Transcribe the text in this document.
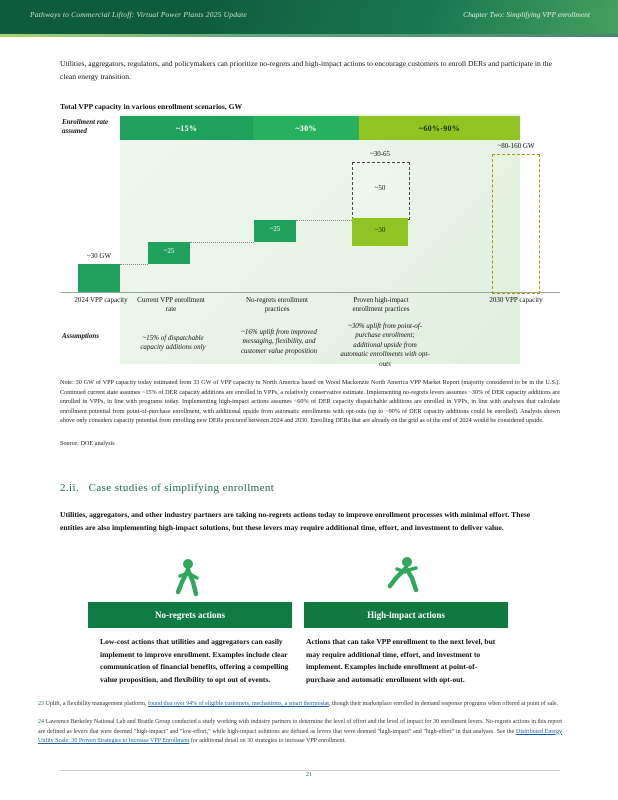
Pathways to Commercial Liftoff: Virtual Power Plants 2025 Update	Chapter Two: Simplifying VPP enrollment
Utilities, aggregators, regulators, and policymakers can prioritize no-regrets and high-impact actions to encourage customers to enroll DERs and participate in the clean energy transition.
Total VPP capacity in various enrollment scenarios, GW
~15%	~30%	~60%-90%
Enrollment rate assumed
Assumptions
~30 GW
~25
~25
~30-65
~50
~30
~80-160 GW
2024 VPP capacity	Current VPP enrollment rate
No-regrets enrollment practices
Proven high-impact enrollment practices
2030 VPP capacity
~15% of dispatchable capacity additions only
~16% uplift from improved messaging, flexibility, and customer value proposition
~30% uplift from point-of-purchase enrollment; additional upside from automatic enrollments with opt-outs
Note: 30 GW of VPP capacity today estimated from 33 GW of VPP capacity in North America based on Wood Mackenzie North America VPP Market Report (majority considered to be in the U.S.). Continued current state assumes ~15% of DER capacity additions are enrolled in VPPs, a relatively conservative estimate. Implementing no-regrets levers assumes ~30% of DER capacity additions are enrolled in VPPs, in line with programs today. Implementing high-impact actions assumes ~60% of DER capacity dispatchable additions are enrolled in VPPs, in line with analyses that calculate enrollment potential from point-of-purchase enrollment, with additional upside from automatic enrollments with opt-outs (up to ~90% of DER capacity additions could be enrolled). Analysis shown above only considers capacity potential from enrolling new DERs procured between 2024 and 2030. Enrolling DERs that are already on the grid as of the end of 2024 would be considered upside.
Source: DOE analysis
2.ii. Case studies of simplifying enrollment
Utilities, aggregators, and other industry partners are taking no-regrets actions today to improve enrollment processes with minimal effort. These entities are also implementing high-impact solutions, but these levers may require additional time, effort, and investment to deliver value.
No-regrets actions
Low-cost actions that utilities and aggregators can easily implement to improve enrollment. Examples include clear communication of financial benefits, offering a compelling value proposition, and flexibility to opt out of events.
High-impact actions
Actions that can take VPP enrollment to the next level, but may require additional time, effort, and investment to implement. Examples include enrollment at point-of-purchase and automatic enrollment with opt-out.
23 Uplift, a flexibility management platform, found that over 94% of eligible customers, mechanisms, a smart thermostat, though their marketplace enrolled in demand response programs when offered at point of sale.
24 Lawrence Berkeley National Lab and Brattle Group conducted a study working with industry partners to determine the level of effort and the level of impact for 30 enrollment levers. No-regrets actions in this report are defined as levers that were deemed "high-impact" and "low-effort," while high-impact solutions are defined as levers that were deemed "high-impact" and "high-effort" in that analyses. See the Distributed Energy Utility Scale: 30 Proven Strategies to Increase VPP Enrollment for additional detail on 30 strategies to increase VPP enrollment.
21
